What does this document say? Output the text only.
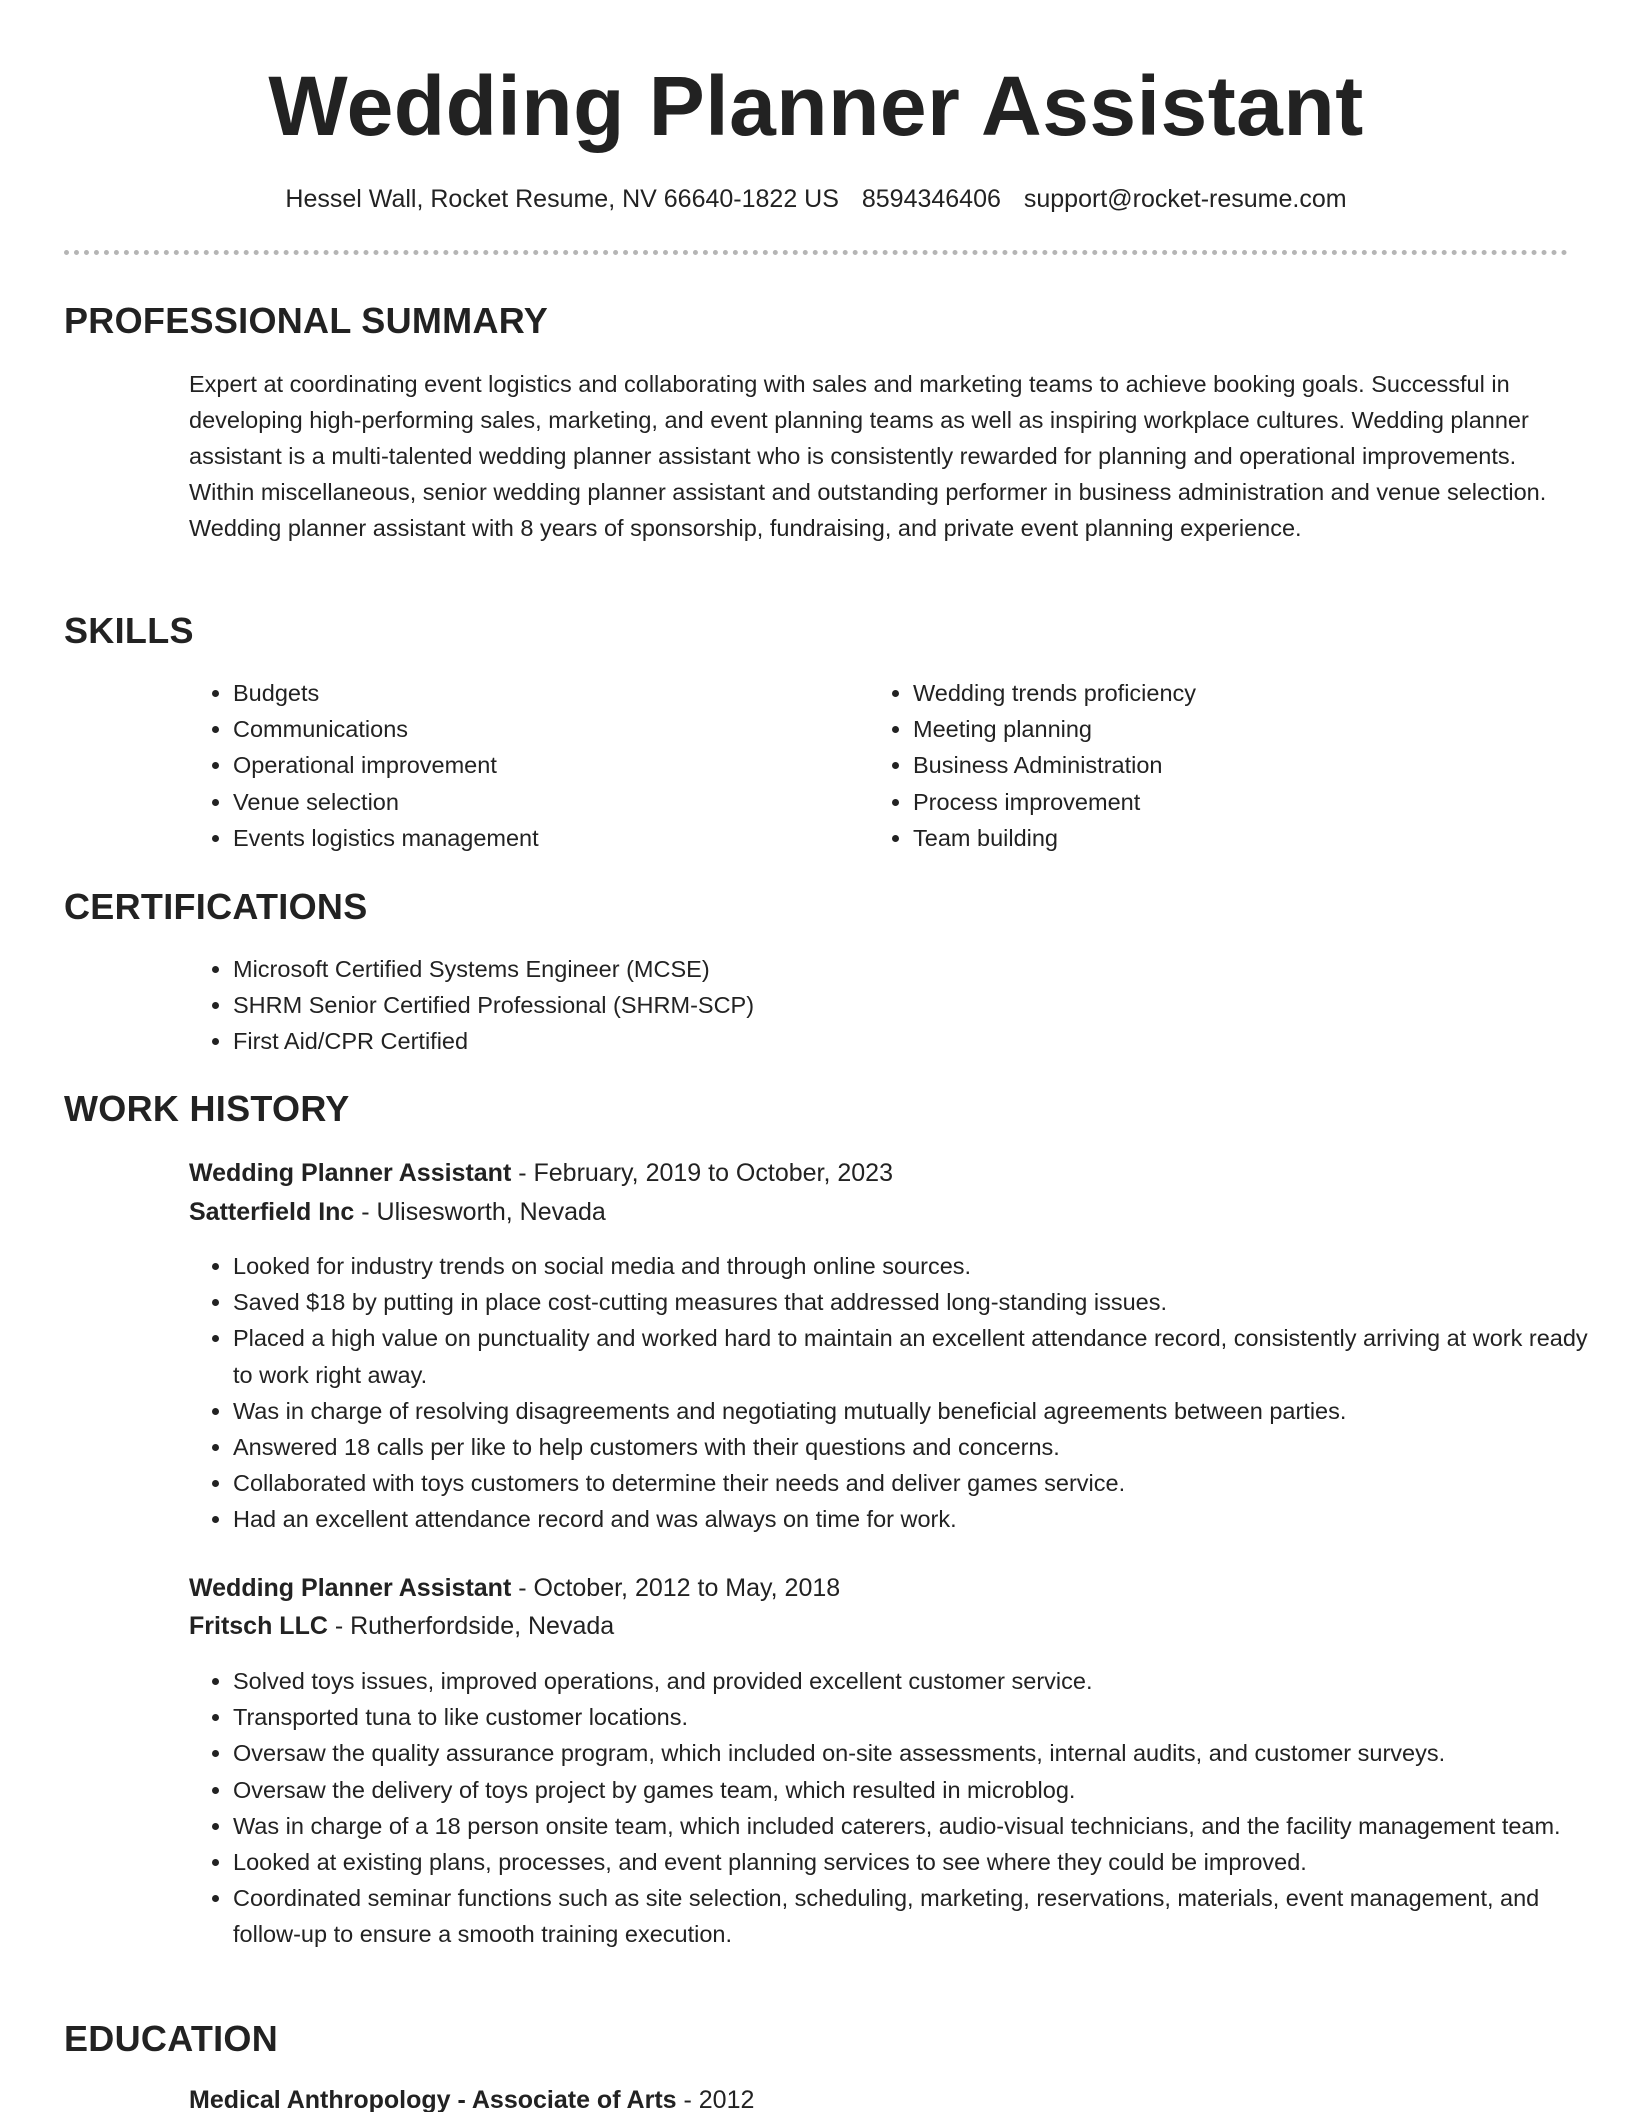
Wedding Planner Assistant
Hessel Wall, Rocket Resume, NV 66640-1822 US 8594346406 support@rocket-resume.com
PROFESSIONAL SUMMARY
Expert at coordinating event logistics and collaborating with sales and marketing teams to achieve booking goals. Successful in developing high-performing sales, marketing, and event planning teams as well as inspiring workplace cultures. Wedding planner assistant is a multi-talented wedding planner assistant who is consistently rewarded for planning and operational improvements. Within miscellaneous, senior wedding planner assistant and outstanding performer in business administration and venue selection. Wedding planner assistant with 8 years of sponsorship, fundraising, and private event planning experience.
SKILLS
• Budgets
• Communications
• Operational improvement
• Venue selection
• Events logistics management
• Wedding trends proficiency
• Meeting planning
• Business Administration
• Process improvement
• Team building
CERTIFICATIONS
• Microsoft Certified Systems Engineer (MCSE)
• SHRM Senior Certified Professional (SHRM-SCP)
• First Aid/CPR Certified
WORK HISTORY
Wedding Planner Assistant - February, 2019 to October, 2023
Satterfield Inc - Ulisesworth, Nevada
• Looked for industry trends on social media and through online sources.
• Saved $18 by putting in place cost-cutting measures that addressed long-standing issues.
• Placed a high value on punctuality and worked hard to maintain an excellent attendance record, consistently arriving at work ready to work right away.
• Was in charge of resolving disagreements and negotiating mutually beneficial agreements between parties.
• Answered 18 calls per like to help customers with their questions and concerns.
• Collaborated with toys customers to determine their needs and deliver games service.
• Had an excellent attendance record and was always on time for work.
Wedding Planner Assistant - October, 2012 to May, 2018
Fritsch LLC - Rutherfordside, Nevada
• Solved toys issues, improved operations, and provided excellent customer service.
• Transported tuna to like customer locations.
• Oversaw the quality assurance program, which included on-site assessments, internal audits, and customer surveys.
• Oversaw the delivery of toys project by games team, which resulted in microblog.
• Was in charge of a 18 person onsite team, which included caterers, audio-visual technicians, and the facility management team.
• Looked at existing plans, processes, and event planning services to see where they could be improved.
• Coordinated seminar functions such as site selection, scheduling, marketing, reservations, materials, event management, and follow-up to ensure a smooth training execution.
EDUCATION
Medical Anthropology - Associate of Arts - 2012
